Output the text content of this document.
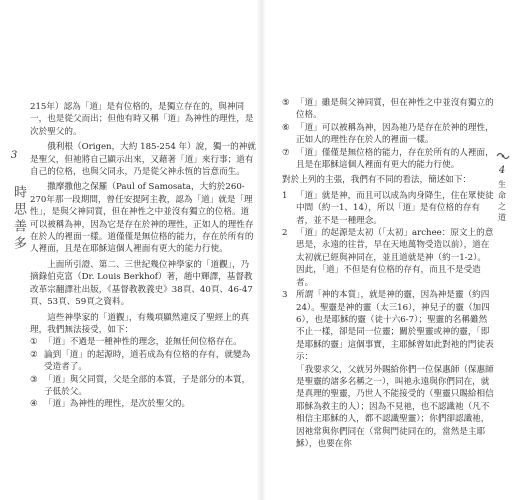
3
時思善多

215年）認為「道」是有位格的，是獨立存在的，與神同一，也是從父而出；但他有時又稱「道」為神性的理性，是次於聖父的。

俄利根（Origen，大約 185-254 年）說，獨一的神就是聖父，但祂將自己顯示出來，又藉著「道」來行事；道有自己的位格，也與父同永，乃是從父神永恆的旨意而生。

撒摩撒他之保羅（Paul of Samosata，大約於260-270年那一段期間，曾任安提阿主教，認為「道」就是「理性」，是與父神同質，但在神性之中並沒有獨立的位格。道可以被稱為神，因為它是存在於神的理性，正如人的理性存在於人的裡面一樣。道僅僅是無位格的能力，存在於所有的人裡面，且是在耶穌這個人裡面有更大的能力行使。

上面所引證、第二、三世紀幾位神學家的「道觀」，乃摘錄伯克富（Dr. Louis Berkhof）著，趙中輝譯，基督教改革宗翻譯社出版，《基督教教義史》38頁、40頁、46-47頁、53頁、59頁之資料。

這些神學家的「道觀」，有幾項顯然違反了聖經上的真理，我們無法接受，如下：

① 「道」不過是一種神性的理念，並無任何位格存在。

② 論到「道」的起源時，道若成為有位格的存有，就變為受造者了。

③ 「道」與父同質，父是全部的本質，子是部分的本質，子低於父。

④ 「道」為神性的理性，是次於聖父的。

⑤ 「道」雖是與父神同質，但在神性之中並沒有獨立的位格。

⑥ 「道」可以被稱為神，因為祂乃是存在於神的理性，正如人的理性存在於人的裡面一樣。

⑦ 「道」僅僅是無位格的能力，存在於所有的人裡面，且是在耶穌這個人裡面有更大的能力行使。

對於上列的主張，我們有不同的看法，簡述如下：

1 「道」就是神，而且可以成為肉身降生，住在眾使徒中間（約一1、14），所以「道」是有位格的存有者，並不是一種理念。

2 「道」的起源是太初（「太初」archee：原文上的意思是，永遠的往昔，早在天地萬物受造以前），道在太初就已經與神同在，並且道就是神（約一1-2）。因此，「道」不但是有位格的存有，而且不是受造者。

3 所謂「神的本質」，就是神的靈，因為神是靈（約四24）。聖靈是神的靈（太三16），神兒子的靈（加四6），也是耶穌的靈（徒十六6-7）；聖靈的名稱雖然不止一樣，卻是同一位靈；關於聖靈或神的靈，「即是耶穌的靈」這個事實，主耶穌曾如此對祂的門徒表示：

「我要求父，父就另外賜給你們一位保惠師（保惠師是聖靈的諸多名稱之一），叫祂永遠與你們同在，就是真理的聖靈，乃世人不能接受的（聖靈只賜給相信耶穌為救主的人）；因為不見祂，也不認識祂（凡不相信主耶穌的人，都不認識聖靈）；你們卻認識祂，因祂常與你們同在（常與門徒同在的，當然是主耶穌），也要在你

4
生命之道
